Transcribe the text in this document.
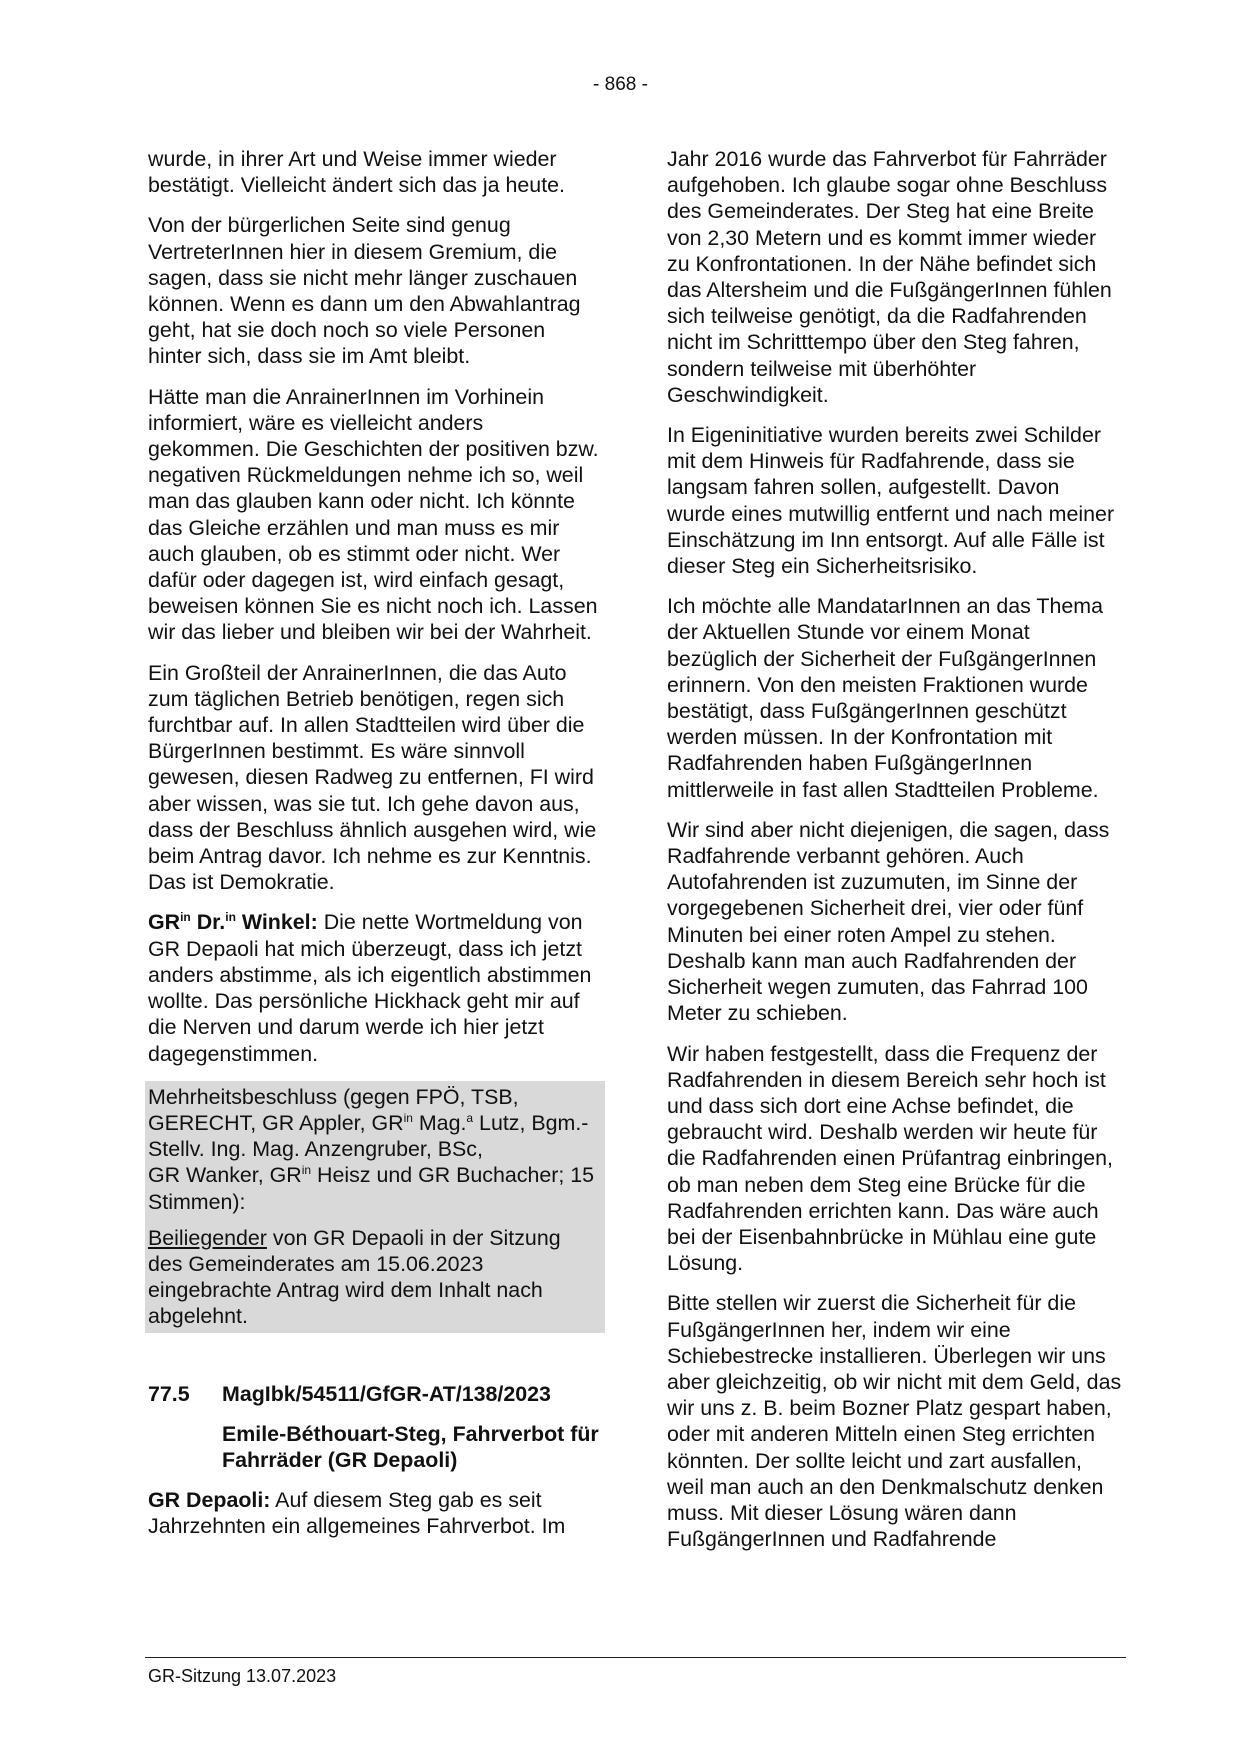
- 868 -

wurde, in ihrer Art und Weise immer wieder bestätigt. Vielleicht ändert sich das ja heute.

Von der bürgerlichen Seite sind genug VertreterInnen hier in diesem Gremium, die sagen, dass sie nicht mehr länger zuschauen können. Wenn es dann um den Abwahlantrag geht, hat sie doch noch so viele Personen hinter sich, dass sie im Amt bleibt.

Hätte man die AnrainerInnen im Vorhinein informiert, wäre es vielleicht anders gekommen. Die Geschichten der positiven bzw. negativen Rückmeldungen nehme ich so, weil man das glauben kann oder nicht. Ich könnte das Gleiche erzählen und man muss es mir auch glauben, ob es stimmt oder nicht. Wer dafür oder dagegen ist, wird einfach gesagt, beweisen können Sie es nicht noch ich. Lassen wir das lieber und bleiben wir bei der Wahrheit.

Ein Großteil der AnrainerInnen, die das Auto zum täglichen Betrieb benötigen, regen sich furchtbar auf. In allen Stadtteilen wird über die BürgerInnen bestimmt. Es wäre sinnvoll gewesen, diesen Radweg zu entfernen, FI wird aber wissen, was sie tut. Ich gehe davon aus, dass der Beschluss ähnlich ausgehen wird, wie beim Antrag davor. Ich nehme es zur Kenntnis. Das ist Demokratie.

$GR^{in}$ Dr.$^{in}$ Winkel: Die nette Wortmeldung von GR Depaoli hat mich überzeugt, dass ich jetzt anders abstimme, als ich eigentlich abstimmen wollte. Das persönliche Hickhack geht mir auf die Nerven und darum werde ich hier jetzt dagegenstimmen.

Mehrheitsbeschluss (gegen FPÖ, TSB, GERECHT, GR Appler, $GR^{in}$ Mag.$^a$ Lutz, Bgm.-Stellv. Ing. Mag. Anzengruber, BSc,
GR Wanker, $GR^{in}$ Heisz und GR Buchacher; 15 Stimmen):

Beiliegender von GR Depaoli in der Sitzung des Gemeinderates am 15.06.2023 eingebrachte Antrag wird dem Inhalt nach abgelehnt.

77.5	MagIbk/54511/GfGR-AT/138/2023
Emile-Béthouart-Steg, Fahrverbot für Fahrräder (GR Depaoli)

GR Depaoli: Auf diesem Steg gab es seit Jahrzehnten ein allgemeines Fahrverbot. Im

Jahr 2016 wurde das Fahrverbot für Fahrräder aufgehoben. Ich glaube sogar ohne Beschluss des Gemeinderates. Der Steg hat eine Breite von 2,30 Metern und es kommt immer wieder zu Konfrontationen. In der Nähe befindet sich das Altersheim und die FußgängerInnen fühlen sich teilweise genötigt, da die Radfahrenden nicht im Schritttempo über den Steg fahren, sondern teilweise mit überhöhter Geschwindigkeit.

In Eigeninitiative wurden bereits zwei Schilder mit dem Hinweis für Radfahrende, dass sie langsam fahren sollen, aufgestellt. Davon wurde eines mutwillig entfernt und nach meiner Einschätzung im Inn entsorgt. Auf alle Fälle ist dieser Steg ein Sicherheitsrisiko.

Ich möchte alle MandatarInnen an das Thema der Aktuellen Stunde vor einem Monat bezüglich der Sicherheit der FußgängerInnen erinnern. Von den meisten Fraktionen wurde bestätigt, dass FußgängerInnen geschützt werden müssen. In der Konfrontation mit Radfahrenden haben FußgängerInnen mittlerweile in fast allen Stadtteilen Probleme.

Wir sind aber nicht diejenigen, die sagen, dass Radfahrende verbannt gehören. Auch Autofahrenden ist zuzumuten, im Sinne der vorgegebenen Sicherheit drei, vier oder fünf Minuten bei einer roten Ampel zu stehen. Deshalb kann man auch Radfahrenden der Sicherheit wegen zumuten, das Fahrrad 100 Meter zu schieben.

Wir haben festgestellt, dass die Frequenz der Radfahrenden in diesem Bereich sehr hoch ist und dass sich dort eine Achse befindet, die gebraucht wird. Deshalb werden wir heute für die Radfahrenden einen Prüfantrag einbringen, ob man neben dem Steg eine Brücke für die Radfahrenden errichten kann. Das wäre auch bei der Eisenbahnbrücke in Mühlau eine gute Lösung.

Bitte stellen wir zuerst die Sicherheit für die FußgängerInnen her, indem wir eine Schiebestrecke installieren. Überlegen wir uns aber gleichzeitig, ob wir nicht mit dem Geld, das wir uns z. B. beim Bozner Platz gespart haben, oder mit anderen Mitteln einen Steg errichten könnten. Der sollte leicht und zart ausfallen, weil man auch an den Denkmalschutz denken muss. Mit dieser Lösung wären dann FußgängerInnen und Radfahrende

GR-Sitzung 13.07.2023
